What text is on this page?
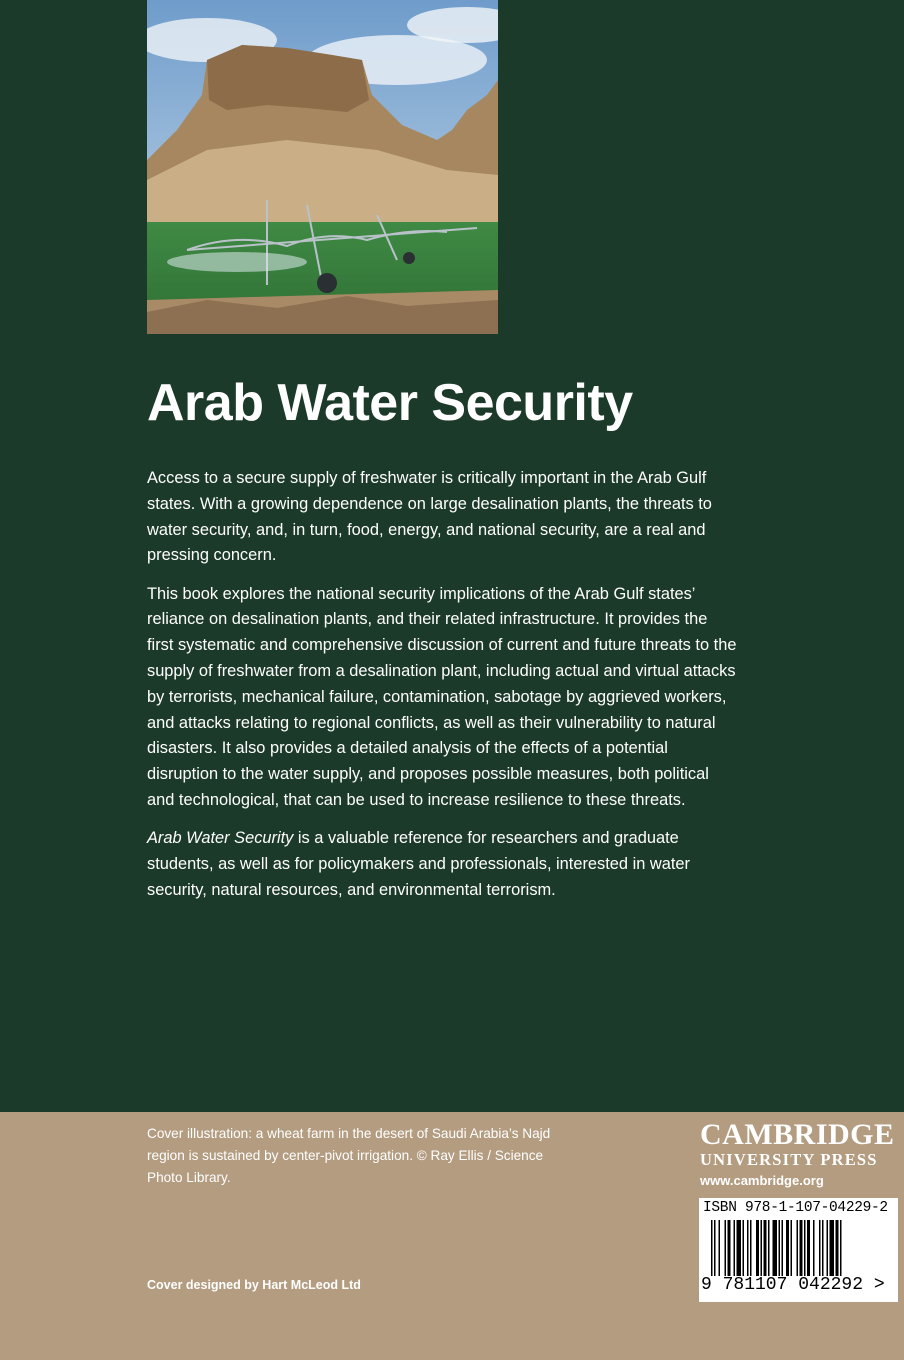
Arab Water Security

Access to a secure supply of freshwater is critically important in the Arab Gulf states. With a growing dependence on large desalination plants, the threats to water security, and, in turn, food, energy, and national security, are a real and pressing concern.

This book explores the national security implications of the Arab Gulf states’ reliance on desalination plants, and their related infrastructure. It provides the first systematic and comprehensive discussion of current and future threats to the supply of freshwater from a desalination plant, including actual and virtual attacks by terrorists, mechanical failure, contamination, sabotage by aggrieved workers, and attacks relating to regional conflicts, as well as their vulnerability to natural disasters. It also provides a detailed analysis of the effects of a potential disruption to the water supply, and proposes possible measures, both political and technological, that can be used to increase resilience to these threats.

Arab Water Security is a valuable reference for researchers and graduate students, as well as for policymakers and professionals, interested in water security, natural resources, and environmental terrorism.

Cover illustration: a wheat farm in the desert of Saudi Arabia’s Najd region is sustained by center-pivot irrigation. © Ray Ellis / Science Photo Library.
Cover designed by Hart McLeod Ltd
CAMBRIDGE
UNIVERSITY PRESS
www.cambridge.org
ISBN 978-1-107-04229-2
9 781107 042292 >
